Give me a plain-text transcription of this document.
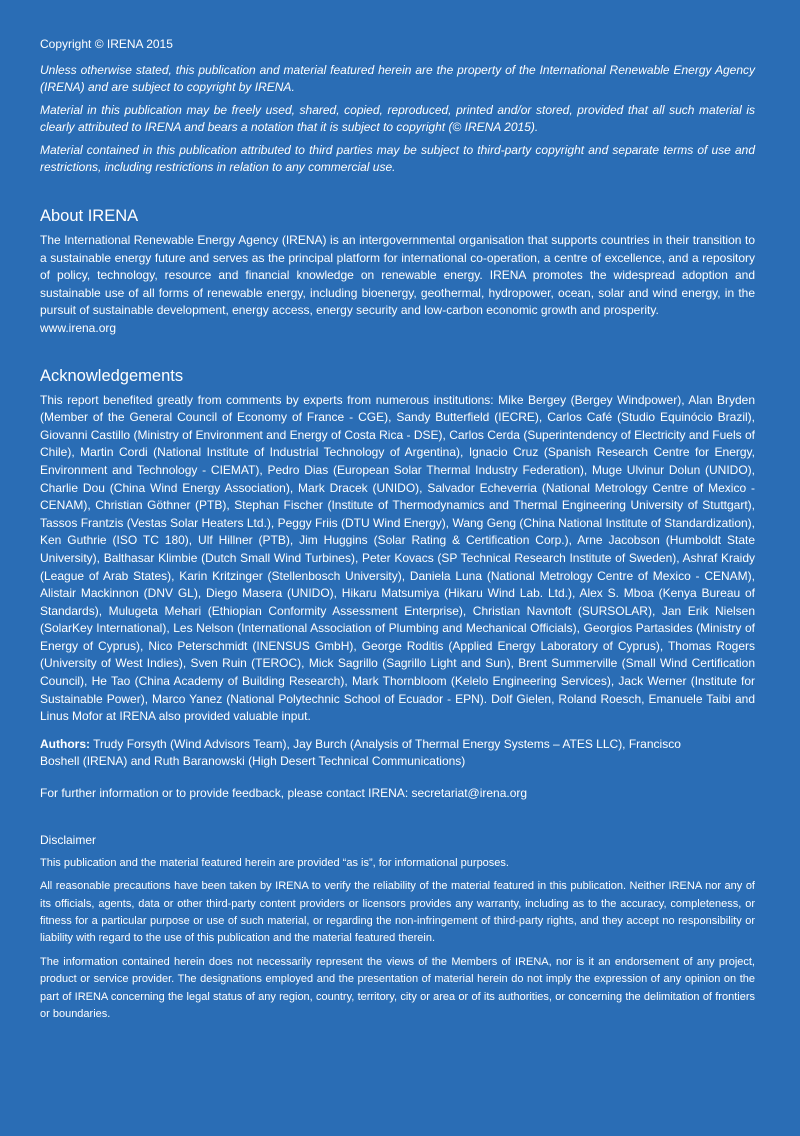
Copyright © IRENA 2015

Unless otherwise stated, this publication and material featured herein are the property of the International Renewable Energy Agency (IRENA) and are subject to copyright by IRENA.

Material in this publication may be freely used, shared, copied, reproduced, printed and/or stored, provided that all such material is clearly attributed to IRENA and bears a notation that it is subject to copyright (© IRENA 2015).

Material contained in this publication attributed to third parties may be subject to third-party copyright and separate terms of use and restrictions, including restrictions in relation to any commercial use.

About IRENA

The International Renewable Energy Agency (IRENA) is an intergovernmental organisation that supports countries in their transition to a sustainable energy future and serves as the principal platform for international co-operation, a centre of excellence, and a repository of policy, technology, resource and financial knowledge on renewable energy. IRENA promotes the widespread adoption and sustainable use of all forms of renewable energy, including bioenergy, geothermal, hydropower, ocean, solar and wind energy, in the pursuit of sustainable development, energy access, energy security and low-carbon economic growth and prosperity.

www.irena.org

Acknowledgements

This report benefited greatly from comments by experts from numerous institutions: Mike Bergey (Bergey Windpower), Alan Bryden (Member of the General Council of Economy of France - CGE), Sandy Butterfield (IECRE), Carlos Café (Studio Equinócio Brazil), Giovanni Castillo (Ministry of Environment and Energy of Costa Rica - DSE), Carlos Cerda (Superintendency of Electricity and Fuels of Chile), Martin Cordi (National Institute of Industrial Technology of Argentina), Ignacio Cruz (Spanish Research Centre for Energy, Environment and Technology - CIEMAT), Pedro Dias (European Solar Thermal Industry Federation), Muge Ulvinur Dolun (UNIDO), Charlie Dou (China Wind Energy Association), Mark Dracek (UNIDO), Salvador Echeverria (National Metrology Centre of Mexico - CENAM), Christian Göthner (PTB), Stephan Fischer (Institute of Thermodynamics and Thermal Engineering University of Stuttgart), Tassos Frantzis (Vestas Solar Heaters Ltd.), Peggy Friis (DTU Wind Energy), Wang Geng (China National Institute of Standardization), Ken Guthrie (ISO TC 180), Ulf Hillner (PTB), Jim Huggins (Solar Rating & Certification Corp.), Arne Jacobson (Humboldt State University), Balthasar Klimbie (Dutch Small Wind Turbines), Peter Kovacs (SP Technical Research Institute of Sweden), Ashraf Kraidy (League of Arab States), Karin Kritzinger (Stellenbosch University), Daniela Luna (National Metrology Centre of Mexico - CENAM), Alistair Mackinnon (DNV GL), Diego Masera (UNIDO), Hikaru Matsumiya (Hikaru Wind Lab. Ltd.), Alex S. Mboa (Kenya Bureau of Standards), Mulugeta Mehari (Ethiopian Conformity Assessment Enterprise), Christian Navntoft (SURSOLAR), Jan Erik Nielsen (SolarKey International), Les Nelson (International Association of Plumbing and Mechanical Officials), Georgios Partasides (Ministry of Energy of Cyprus), Nico Peterschmidt (INENSUS GmbH), George Roditis (Applied Energy Laboratory of Cyprus), Thomas Rogers (University of West Indies), Sven Ruin (TEROC), Mick Sagrillo (Sagrillo Light and Sun), Brent Summerville (Small Wind Certification Council), He Tao (China Academy of Building Research), Mark Thornbloom (Kelelo Engineering Services), Jack Werner (Institute for Sustainable Power), Marco Yanez (National Polytechnic School of Ecuador - EPN). Dolf Gielen, Roland Roesch, Emanuele Taibi and Linus Mofor at IRENA also provided valuable input.

Authors: Trudy Forsyth (Wind Advisors Team), Jay Burch (Analysis of Thermal Energy Systems – ATES LLC), Francisco Boshell (IRENA) and Ruth Baranowski (High Desert Technical Communications)

For further information or to provide feedback, please contact IRENA: secretariat@irena.org

Disclaimer

This publication and the material featured herein are provided “as is”, for informational purposes.

All reasonable precautions have been taken by IRENA to verify the reliability of the material featured in this publication. Neither IRENA nor any of its officials, agents, data or other third-party content providers or licensors provides any warranty, including as to the accuracy, completeness, or fitness for a particular purpose or use of such material, or regarding the non-infringement of third-party rights, and they accept no responsibility or liability with regard to the use of this publication and the material featured therein.

The information contained herein does not necessarily represent the views of the Members of IRENA, nor is it an endorsement of any project, product or service provider. The designations employed and the presentation of material herein do not imply the expression of any opinion on the part of IRENA concerning the legal status of any region, country, territory, city or area or of its authorities, or concerning the delimitation of frontiers or boundaries.
